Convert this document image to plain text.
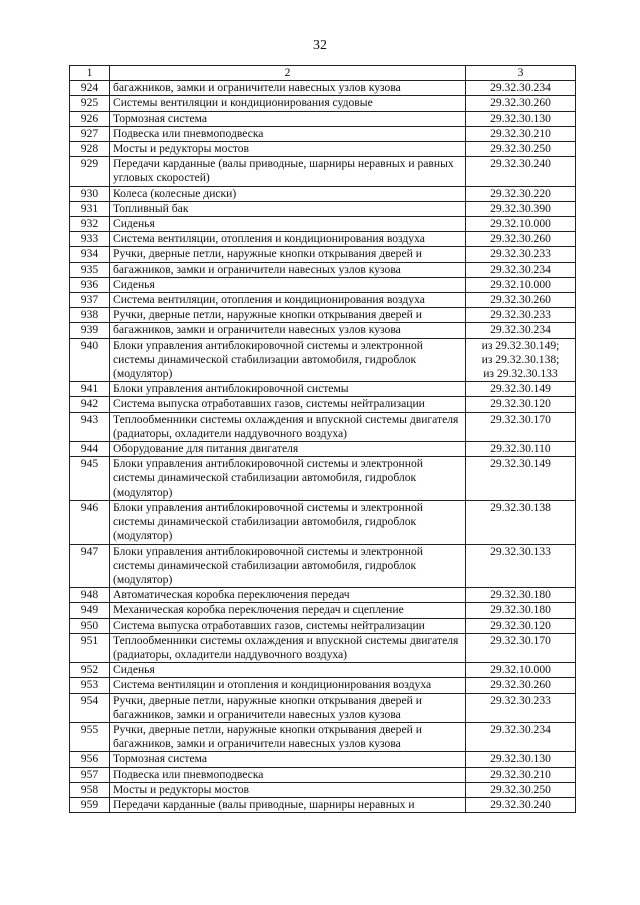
32
1	2	3
924	багажников, замки и ограничители навесных узлов кузова	29.32.30.234
925	Системы вентиляции и кондиционирования судовые	29.32.30.260
926	Тормозная система	29.32.30.130
927	Подвеска или пневмоподвеска	29.32.30.210
928	Мосты и редукторы мостов	29.32.30.250
929	Передачи карданные (валы приводные, шарниры неравных и равных угловых скоростей)	29.32.30.240
930	Колеса (колесные диски)	29.32.30.220
931	Топливный бак	29.32.30.390
932	Сиденья	29.32.10.000
933	Система вентиляции, отопления и кондиционирования воздуха	29.32.30.260
934	Ручки, дверные петли, наружные кнопки открывания дверей и	29.32.30.233
935	багажников, замки и ограничители навесных узлов кузова	29.32.30.234
936	Сиденья	29.32.10.000
937	Система вентиляции, отопления и кондиционирования воздуха	29.32.30.260
938	Ручки, дверные петли, наружные кнопки открывания дверей и	29.32.30.233
939	багажников, замки и ограничители навесных узлов кузова	29.32.30.234
940	Блоки управления антиблокировочной системы и электронной системы динамической стабилизации автомобиля, гидроблок (модулятор)	из 29.32.30.149;
из 29.32.30.138;
из 29.32.30.133

941	Блоки управления антиблокировочной системы	29.32.30.149
942	Система выпуска отработавших газов, системы нейтрализации	29.32.30.120
943	Теплообменники системы охлаждения и впускной системы двигателя (радиаторы, охладители наддувочного воздуха)	29.32.30.170
944	Оборудование для питания двигателя	29.32.30.110
945	Блоки управления антиблокировочной системы и электронной системы динамической стабилизации автомобиля, гидроблок (модулятор)	29.32.30.149
946	Блоки управления антиблокировочной системы и электронной системы динамической стабилизации автомобиля, гидроблок (модулятор)	29.32.30.138
947	Блоки управления антиблокировочной системы и электронной системы динамической стабилизации автомобиля, гидроблок (модулятор)	29.32.30.133
948	Автоматическая коробка переключения передач	29.32.30.180
949	Механическая коробка переключения передач и сцепление	29.32.30.180
950	Система выпуска отработавших газов, системы нейтрализации	29.32.30.120
951	Теплообменники системы охлаждения и впускной системы двигателя (радиаторы, охладители наддувочного воздуха)	29.32.30.170
952	Сиденья	29.32.10.000
953	Система вентиляции и отопления и кондиционирования воздуха	29.32.30.260
954	Ручки, дверные петли, наружные кнопки открывания дверей и багажников, замки и ограничители навесных узлов кузова	29.32.30.233
955	Ручки, дверные петли, наружные кнопки открывания дверей и багажников, замки и ограничители навесных узлов кузова	29.32.30.234
956	Тормозная система	29.32.30.130
957	Подвеска или пневмоподвеска	29.32.30.210
958	Мосты и редукторы мостов	29.32.30.250
959	Передачи карданные (валы приводные, шарниры неравных и	29.32.30.240
